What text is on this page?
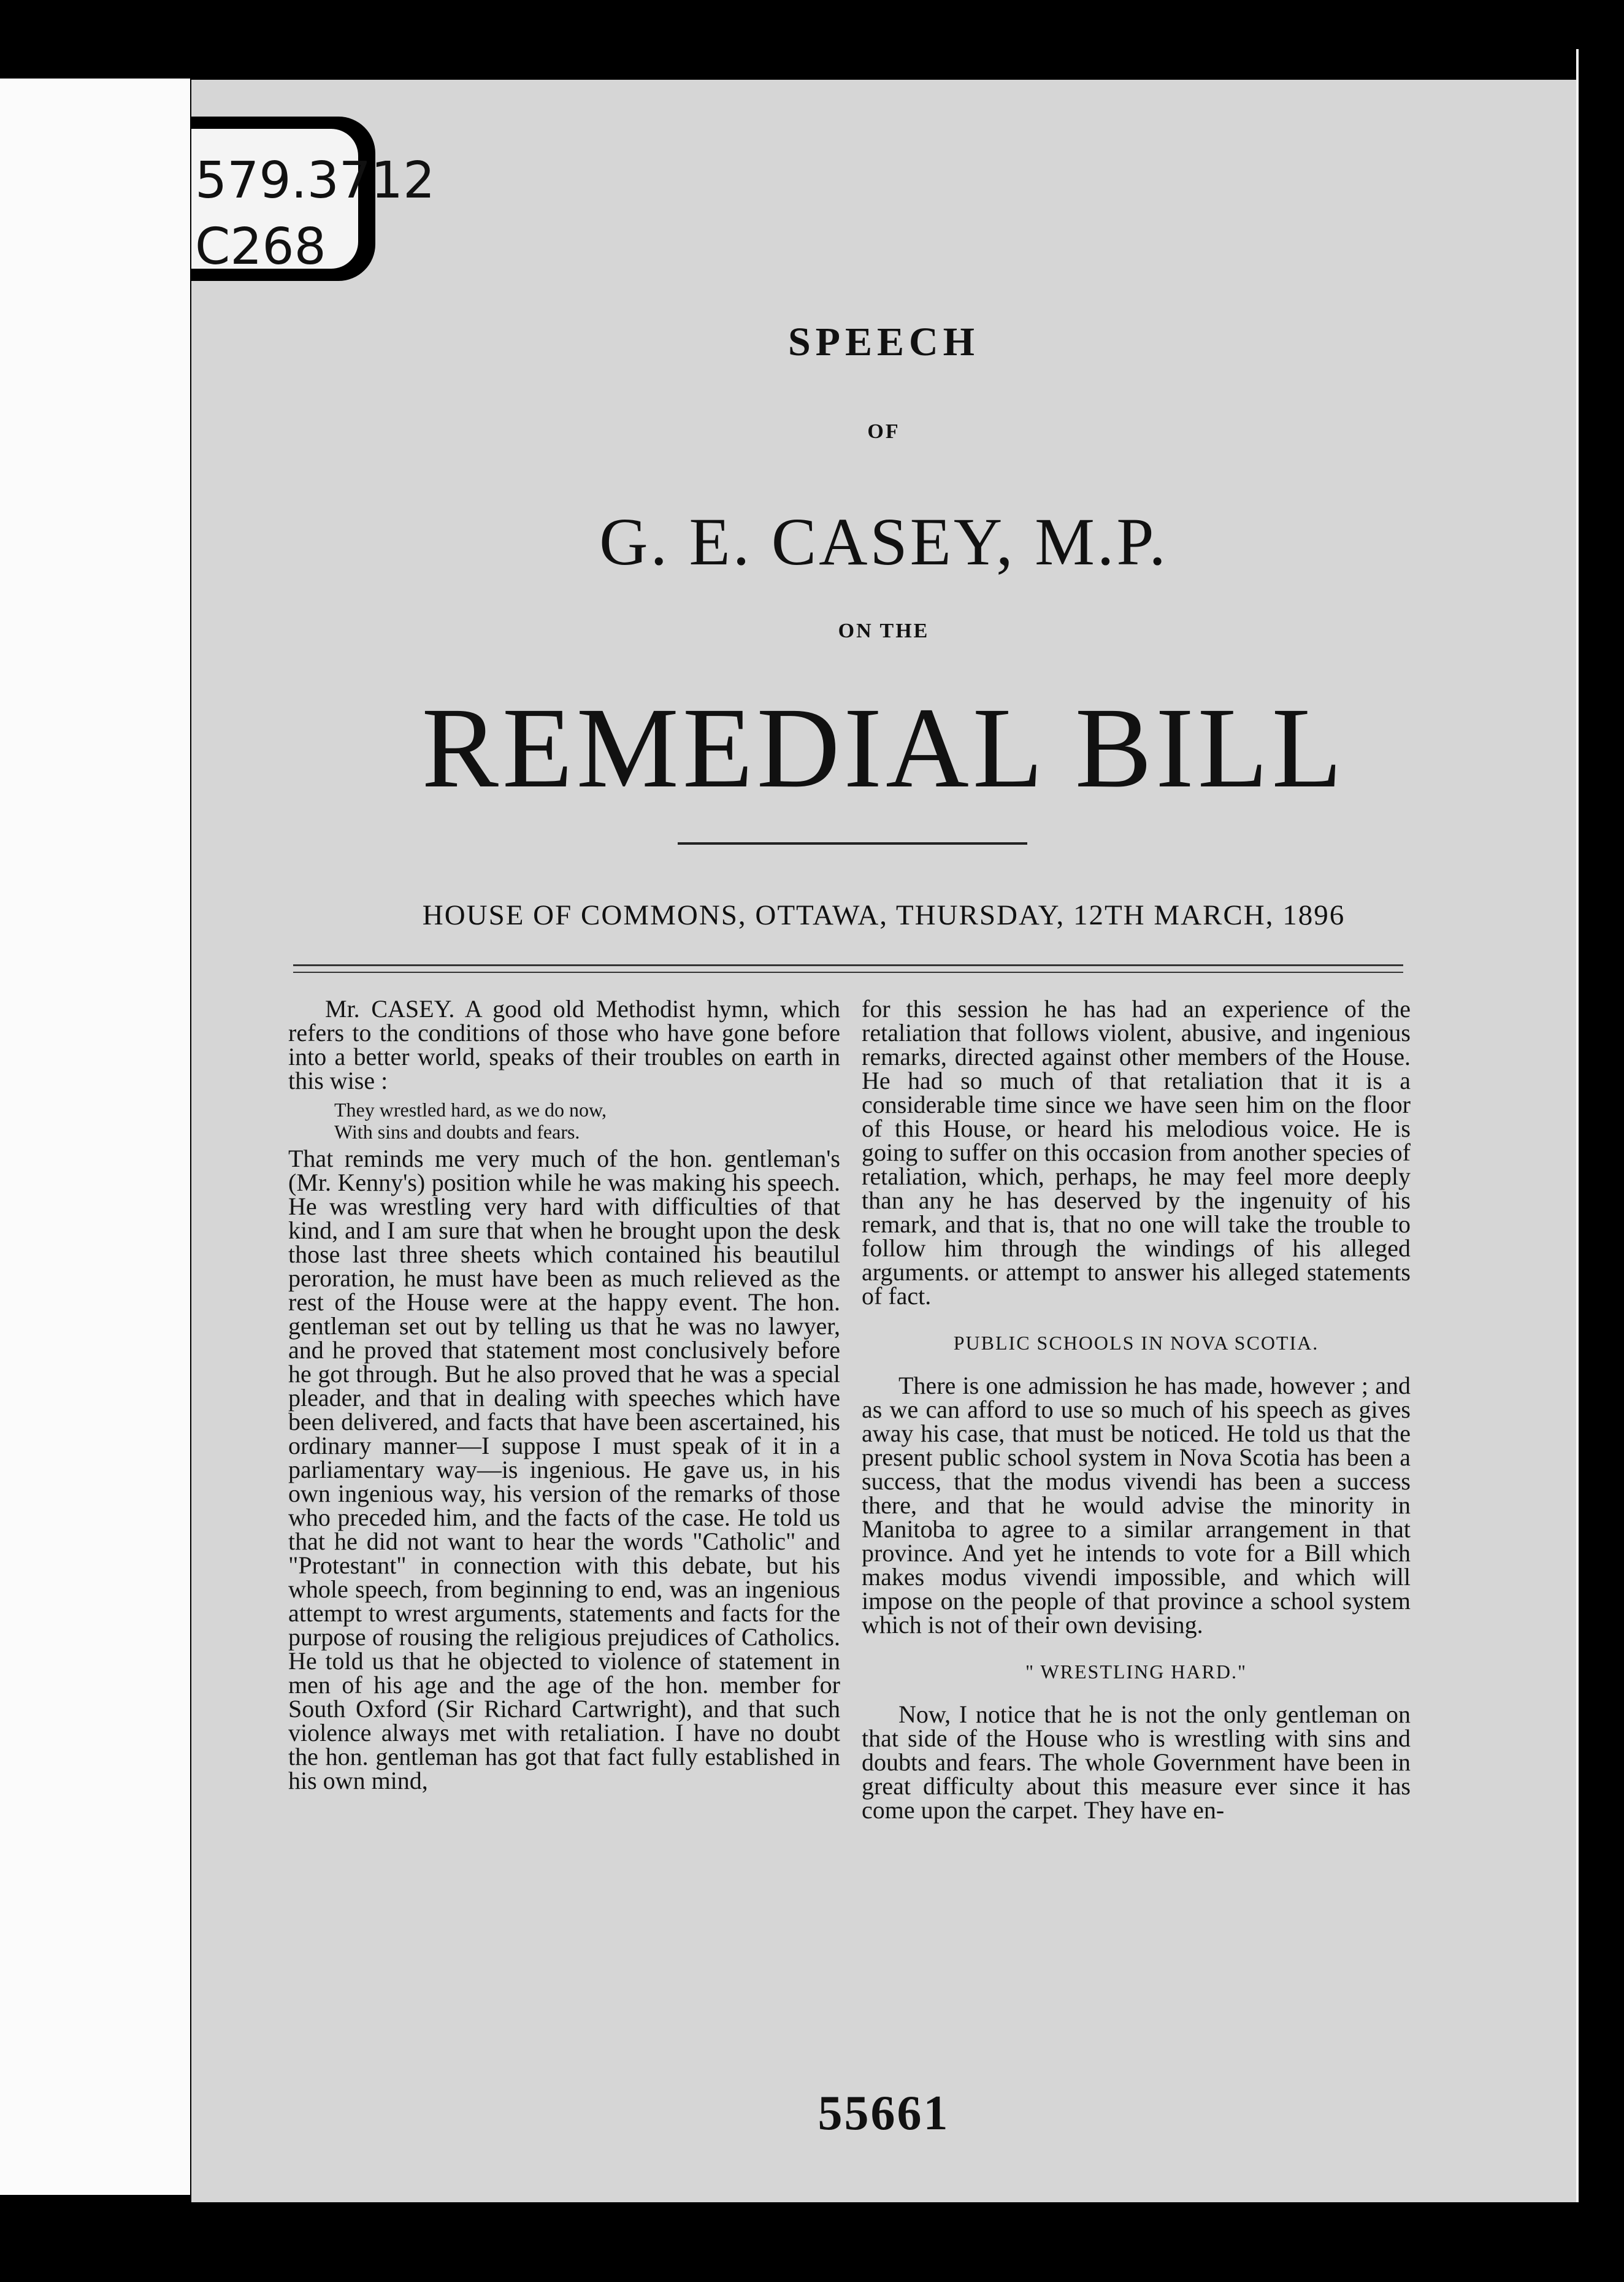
579.3712
C268
SPEECH
OF
G. E. CASEY, M.P.
ON THE
REMEDIAL BILL
HOUSE OF COMMONS, OTTAWA, THURSDAY, 12TH MARCH, 1896

Mr. CASEY. A good old Methodist hymn, which refers to the conditions of those who have gone before into a better world, speaks of their troubles on earth in this wise :

They wrestled hard, as we do now,
With sins and doubts and fears.

That reminds me very much of the hon. gentleman's (Mr. Kenny's) position while he was making his speech. He was wrestling very hard with difficulties of that kind, and I am sure that when he brought upon the desk those last three sheets which contained his beautilul peroration, he must have been as much relieved as the rest of the House were at the happy event. The hon. gentleman set out by telling us that he was no lawyer, and he proved that statement most conclusively before he got through. But he also proved that he was a special pleader, and that in dealing with speeches which have been delivered, and facts that have been ascertained, his ordinary manner—I suppose I must speak of it in a parliamentary way—is ingenious. He gave us, in his own ingenious way, his version of the remarks of those who preceded him, and the facts of the case. He told us that he did not want to hear the words "Catholic" and "Protestant" in connection with this debate, but his whole speech, from beginning to end, was an ingenious attempt to wrest arguments, statements and facts for the purpose of rousing the religious prejudices of Catholics. He told us that he objected to violence of statement in men of his age and the age of the hon. member for South Oxford (Sir Richard Cartwright), and that such violence always met with retaliation. I have no doubt the hon. gentleman has got that fact fully established in his own mind,

for this session he has had an experience of the retaliation that follows violent, abusive, and ingenious remarks, directed against other members of the House. He had so much of that retaliation that it is a considerable time since we have seen him on the floor of this House, or heard his melodious voice. He is going to suffer on this occasion from another species of retaliation, which, perhaps, he may feel more deeply than any he has deserved by the ingenuity of his remark, and that is, that no one will take the trouble to follow him through the windings of his alleged arguments. or attempt to answer his alleged statements of fact.

PUBLIC SCHOOLS IN NOVA SCOTIA.

There is one admission he has made, however ; and as we can afford to use so much of his speech as gives away his case, that must be noticed. He told us that the present public school system in Nova Scotia has been a success, that the modus vivendi has been a success there, and that he would advise the minority in Manitoba to agree to a similar arrangement in that province. And yet he intends to vote for a Bill which makes modus vivendi impossible, and which will impose on the people of that province a school system which is not of their own devising.

" WRESTLING HARD."

Now, I notice that he is not the only gentleman on that side of the House who is wrestling with sins and doubts and fears. The whole Government have been in great difficulty about this measure ever since it has come upon the carpet. They have en-

55661
